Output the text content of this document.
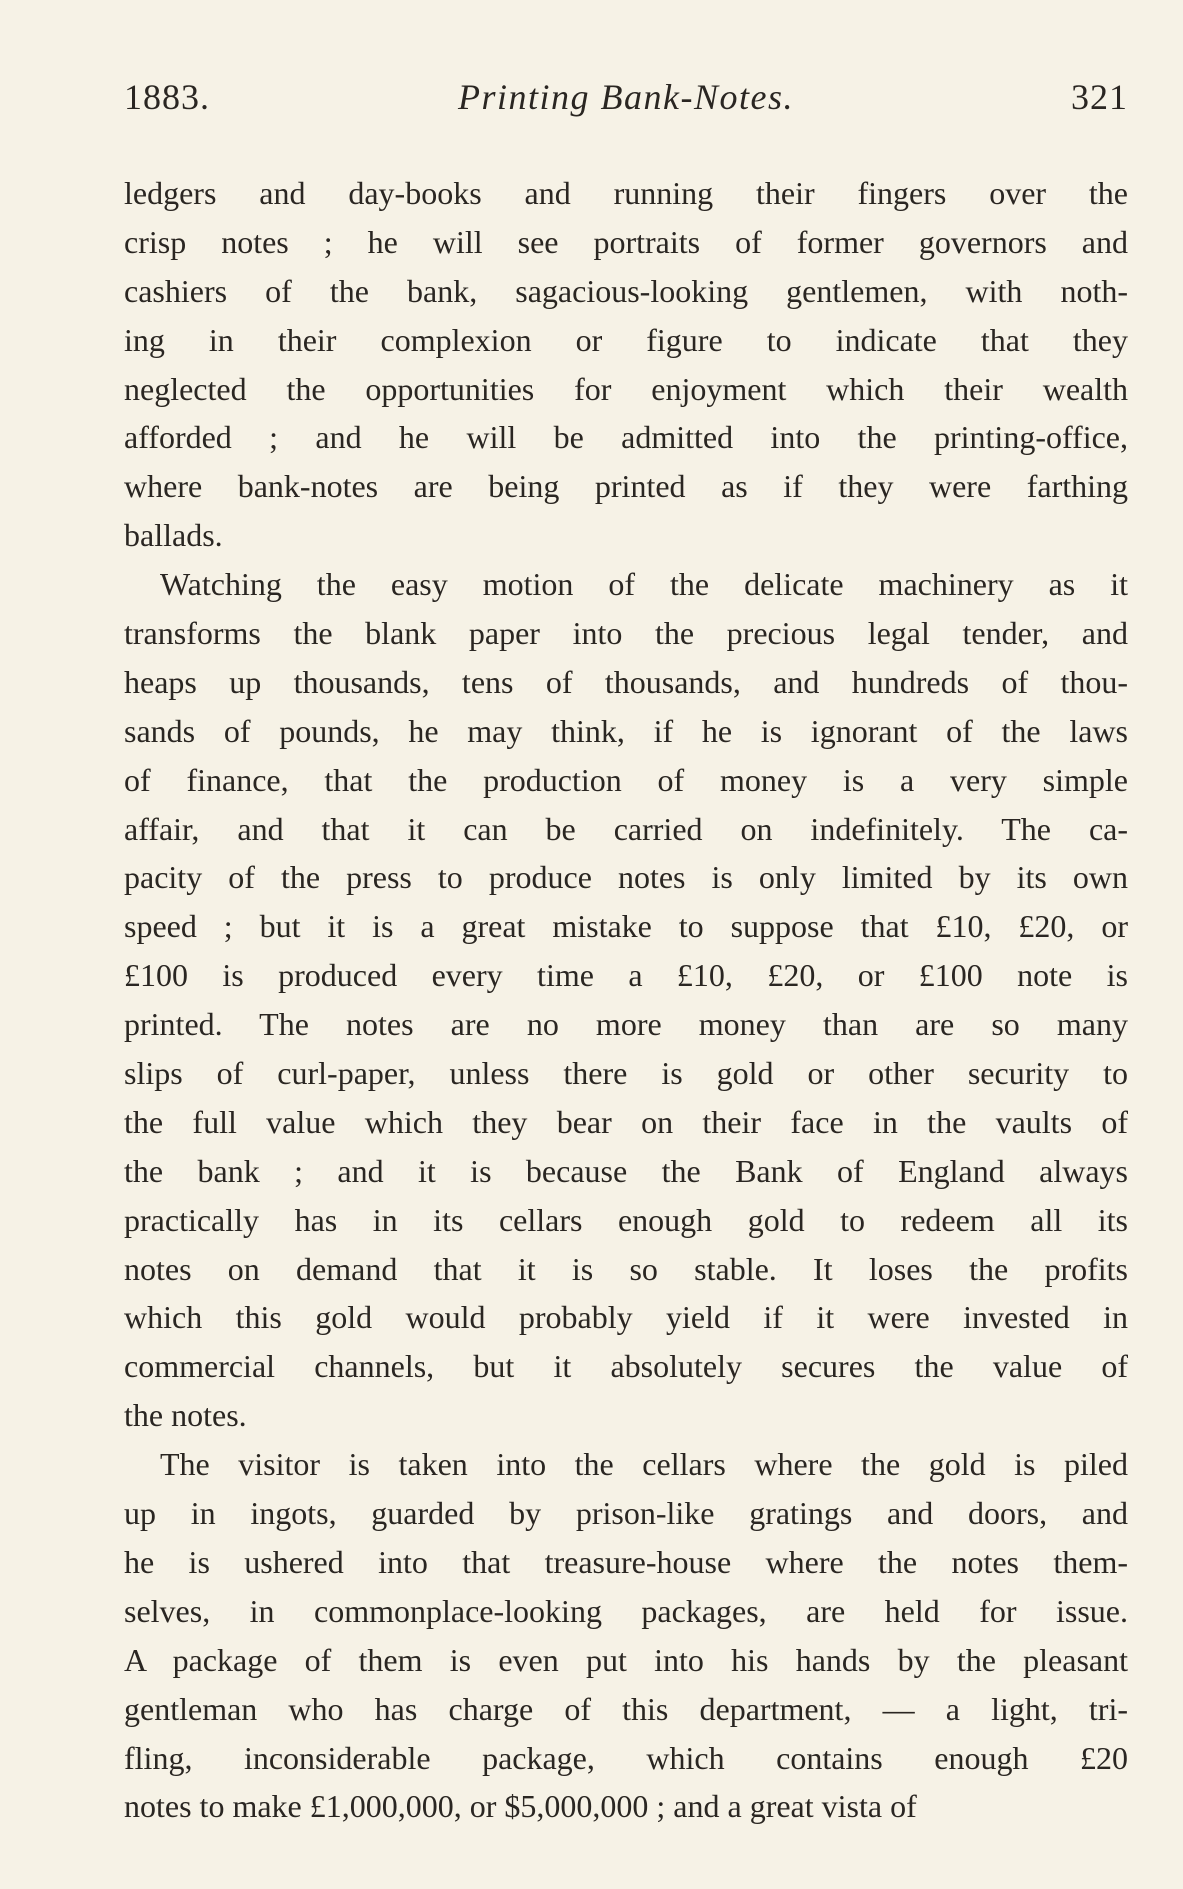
1883.	Printing Bank-Notes.	321
ledgers and day-books and running their fingers over the
crisp notes ; he will see portraits of former governors and
cashiers of the bank, sagacious-looking gentlemen, with noth-
ing in their complexion or figure to indicate that they
neglected the opportunities for enjoyment which their wealth
afforded ; and he will be admitted into the printing-office,
where bank-notes are being printed as if they were farthing
ballads.
Watching the easy motion of the delicate machinery as it
transforms the blank paper into the precious legal tender, and
heaps up thousands, tens of thousands, and hundreds of thou-
sands of pounds, he may think, if he is ignorant of the laws
of finance, that the production of money is a very simple
affair, and that it can be carried on indefinitely. The ca-
pacity of the press to produce notes is only limited by its own
speed ; but it is a great mistake to suppose that £10, £20, or
£100 is produced every time a £10, £20, or £100 note is
printed. The notes are no more money than are so many
slips of curl-paper, unless there is gold or other security to
the full value which they bear on their face in the vaults of
the bank ; and it is because the Bank of England always
practically has in its cellars enough gold to redeem all its
notes on demand that it is so stable. It loses the profits
which this gold would probably yield if it were invested in
commercial channels, but it absolutely secures the value of
the notes.
The visitor is taken into the cellars where the gold is piled
up in ingots, guarded by prison-like gratings and doors, and
he is ushered into that treasure-house where the notes them-
selves, in commonplace-looking packages, are held for issue.
A package of them is even put into his hands by the pleasant
gentleman who has charge of this department, — a light, tri-
fling, inconsiderable package, which contains enough £20
notes to make £1,000,000, or $5,000,000 ; and a great vista of
